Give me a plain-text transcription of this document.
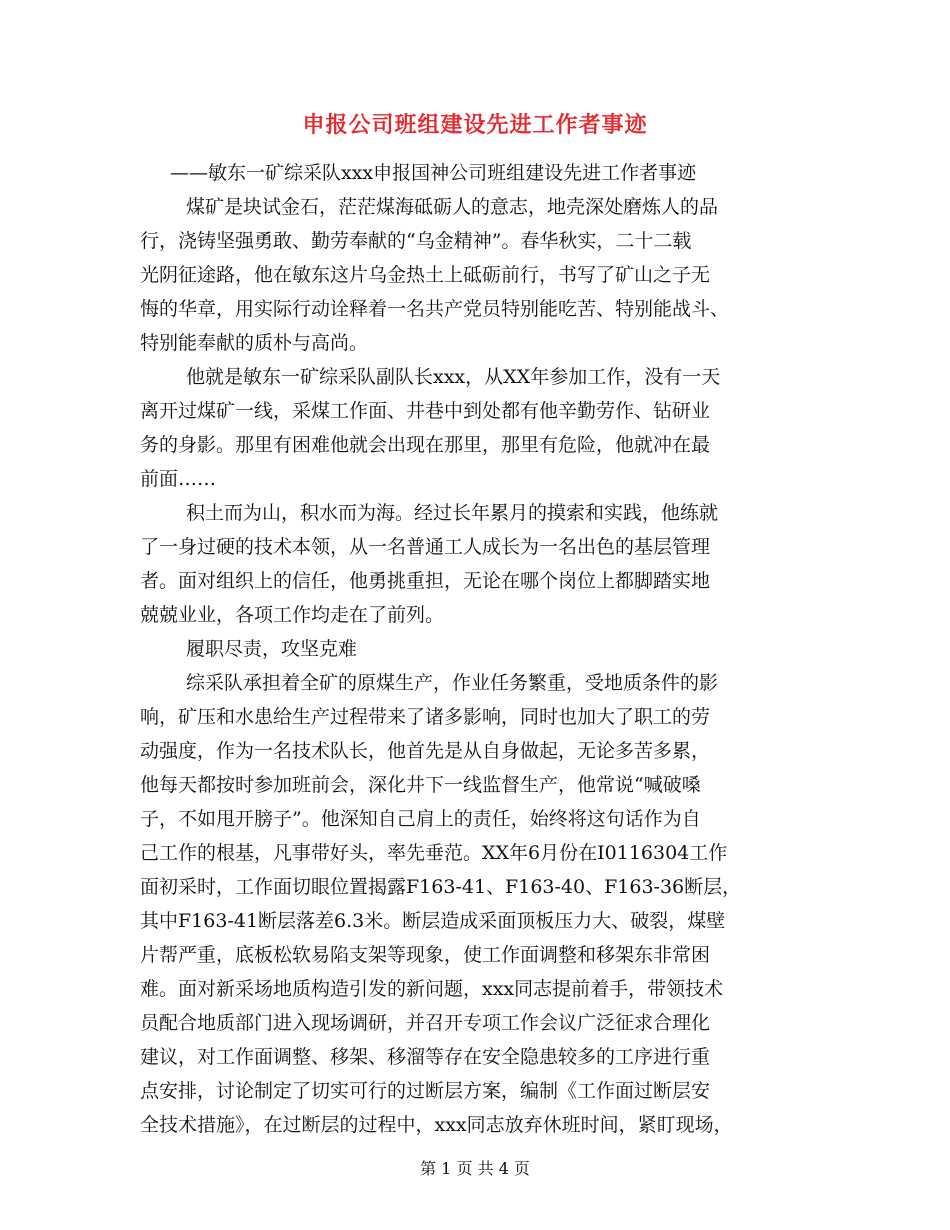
申报公司班组建设先进工作者事迹
——敏东一矿综采队xxx申报国神公司班组建设先进工作者事迹
煤矿是块试金石，茫茫煤海砥砺人的意志，地壳深处磨炼人的品
行，浇铸坚强勇敢、勤劳奉献的“乌金精神”。春华秋实，二十二载
光阴征途路，他在敏东这片乌金热土上砥砺前行，书写了矿山之子无
悔的华章，用实际行动诠释着一名共产党员特别能吃苦、特别能战斗、
特别能奉献的质朴与高尚。
他就是敏东一矿综采队副队长xxx，从XX年参加工作，没有一天
离开过煤矿一线，采煤工作面、井巷中到处都有他辛勤劳作、钻研业
务的身影。那里有困难他就会出现在那里，那里有危险，他就冲在最
前面……
积土而为山，积水而为海。经过长年累月的摸索和实践，他练就
了一身过硬的技术本领，从一名普通工人成长为一名出色的基层管理
者。面对组织上的信任，他勇挑重担，无论在哪个岗位上都脚踏实地
兢兢业业，各项工作均走在了前列。
履职尽责，攻坚克难
综采队承担着全矿的原煤生产，作业任务繁重，受地质条件的影
响，矿压和水患给生产过程带来了诸多影响，同时也加大了职工的劳
动强度，作为一名技术队长，他首先是从自身做起，无论多苦多累，
他每天都按时参加班前会，深化井下一线监督生产，他常说“喊破嗓
子，不如甩开膀子”。他深知自己肩上的责任，始终将这句话作为自
己工作的根基，凡事带好头，率先垂范。XX年6月份在I0116304工作
面初采时，工作面切眼位置揭露F163-41、F163-40、F163-36断层，
其中F163-41断层落差6.3米。断层造成采面顶板压力大、破裂，煤壁
片帮严重，底板松软易陷支架等现象，使工作面调整和移架东非常困
难。面对新采场地质构造引发的新问题，xxx同志提前着手，带领技术
员配合地质部门进入现场调研，并召开专项工作会议广泛征求合理化
建议，对工作面调整、移架、移溜等存在安全隐患较多的工序进行重
点安排，讨论制定了切实可行的过断层方案，编制《工作面过断层安
全技术措施》，在过断层的过程中，xxx同志放弃休班时间，紧盯现场，
第 1 页 共 4 页
